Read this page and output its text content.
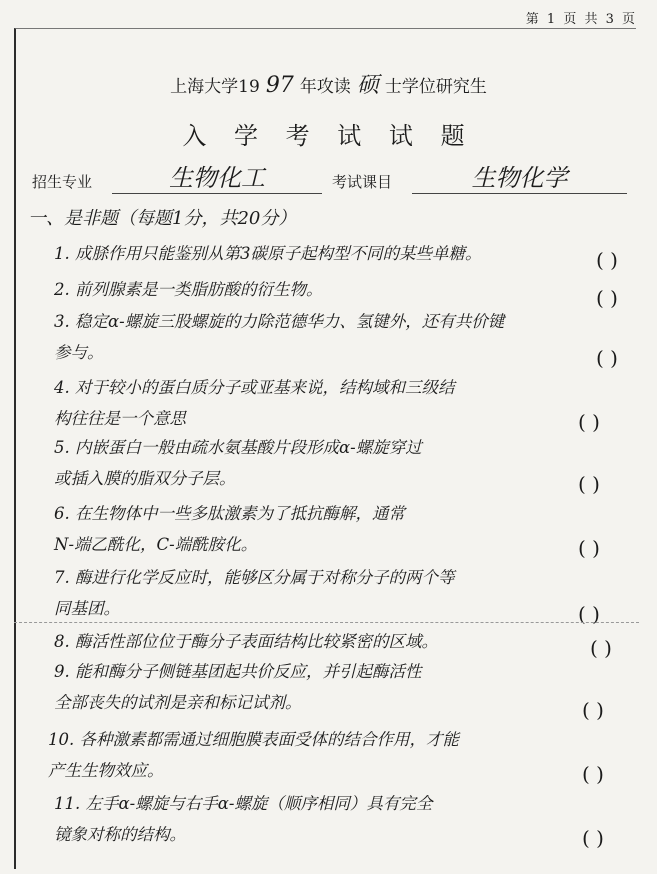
第 1 页 共 3 页
上海大学19 97 年攻读 硕 士学位研究生
入 学 考 试 试 题
招生专业	生物化工	考试课目	生物化学
一、是非题（每题1分，共20分）
1. 成脎作用只能鉴别从第3碳原子起构型不同的某些单糖。	( )
2. 前列腺素是一类脂肪酸的衍生物。	( )
3. 稳定α-螺旋三股螺旋的力除范德华力、氢键外，还有共价键
参与。	( )
4. 对于较小的蛋白质分子或亚基来说，结构域和三级结
构往往是一个意思	( )
5. 内嵌蛋白一般由疏水氨基酸片段形成α-螺旋穿过
或插入膜的脂双分子层。	( )
6. 在生物体中一些多肽激素为了抵抗酶解，通常
N-端乙酰化，C-端酰胺化。	( )
7. 酶进行化学反应时，能够区分属于对称分子的两个等
同基团。	( )
8. 酶活性部位位于酶分子表面结构比较紧密的区域。	( )
9. 能和酶分子侧链基团起共价反应，并引起酶活性
全部丧失的试剂是亲和标记试剂。	( )
10. 各种激素都需通过细胞膜表面受体的结合作用，才能
产生生物效应。	( )
11. 左手α-螺旋与右手α-螺旋（顺序相同）具有完全
镜象对称的结构。	( )
